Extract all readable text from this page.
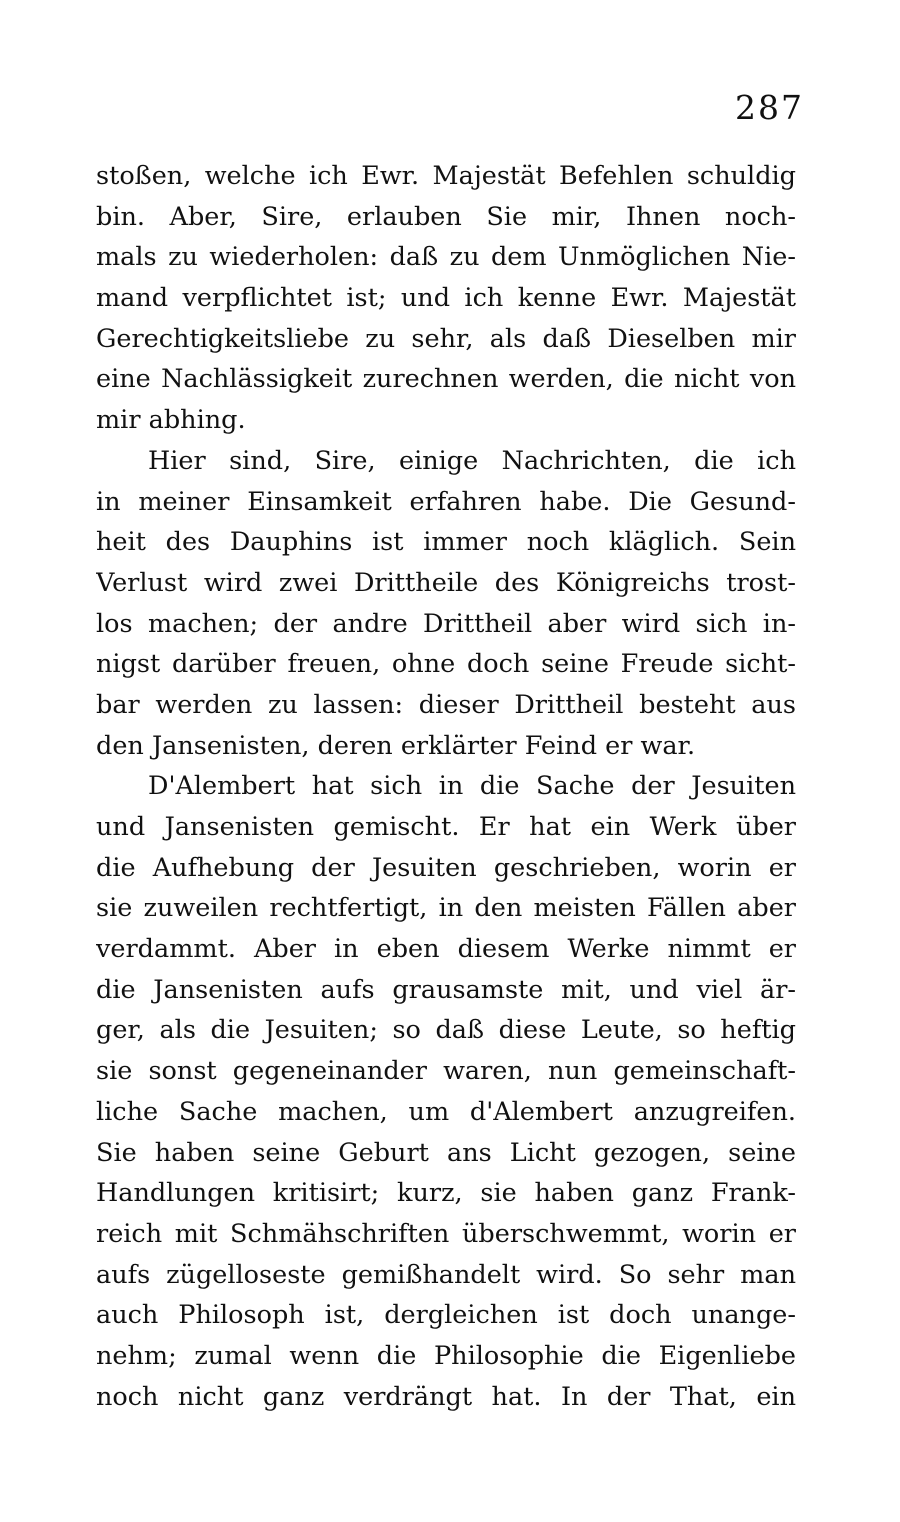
287
stoßen, welche ich Ewr. Majestät Befehlen schuldig
bin. Aber, Sire, erlauben Sie mir, Ihnen noch-
mals zu wiederholen: daß zu dem Unmöglichen Nie-
mand verpflichtet ist; und ich kenne Ewr. Majestät
Gerechtigkeitsliebe zu sehr, als daß Dieselben mir
eine Nachlässigkeit zurechnen werden, die nicht von
mir abhing.
Hier sind, Sire, einige Nachrichten, die ich
in meiner Einsamkeit erfahren habe. Die Gesund-
heit des Dauphins ist immer noch kläglich. Sein
Verlust wird zwei Drittheile des Königreichs trost-
los machen; der andre Drittheil aber wird sich in-
nigst darüber freuen, ohne doch seine Freude sicht-
bar werden zu lassen: dieser Drittheil besteht aus
den Jansenisten, deren erklärter Feind er war.
D'Alembert hat sich in die Sache der Jesuiten
und Jansenisten gemischt. Er hat ein Werk über
die Aufhebung der Jesuiten geschrieben, worin er
sie zuweilen rechtfertigt, in den meisten Fällen aber
verdammt. Aber in eben diesem Werke nimmt er
die Jansenisten aufs grausamste mit, und viel är-
ger, als die Jesuiten; so daß diese Leute, so heftig
sie sonst gegeneinander waren, nun gemeinschaft-
liche Sache machen, um d'Alembert anzugreifen.
Sie haben seine Geburt ans Licht gezogen, seine
Handlungen kritisirt; kurz, sie haben ganz Frank-
reich mit Schmähschriften überschwemmt, worin er
aufs zügelloseste gemißhandelt wird. So sehr man
auch Philosoph ist, dergleichen ist doch unange-
nehm; zumal wenn die Philosophie die Eigenliebe
noch nicht ganz verdrängt hat. In der That, ein
